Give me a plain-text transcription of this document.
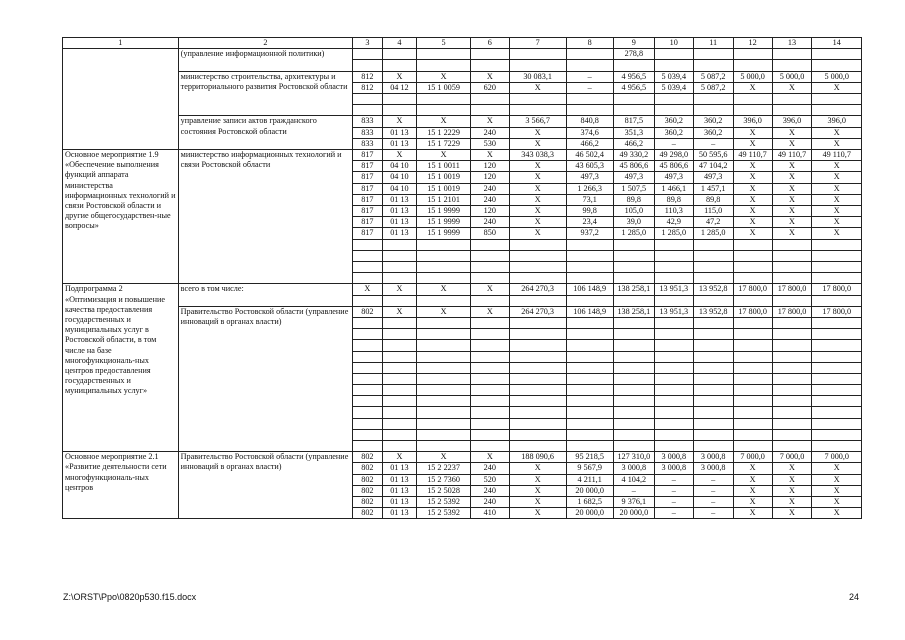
1	2	3	4	5	6	7	8	9	10	11	12	13	14
	(управление информационной политики)							278,8					

	министерство строительства, архитектуры и территориального развития Ростовской области	812	X	X	X	30 083,1	–	4 956,5	5 039,4	5 087,2	5 000,0	5 000,0	5 000,0
		812	04 12	15 1 0059	620	X	–	4 956,5	5 039,4	5 087,2	X	X	X

	управление записи актов гражданского состояния Ростовской области	833	X	X	X	3 566,7	840,8	817,5	360,2	360,2	396,0	396,0	396,0
		833	01 13	15 1 2229	240	X	374,6	351,3	360,2	360,2	X	X	X
		833	01 13	15 1 7229	530	X	466,2	466,2	–	–	X	X	X
Основное мероприятие 1.9 «Обеспечение выполнения функций аппарата министерства информационных технологий и связи Ростовской области и другие общегосударствен-ные вопросы»	министерство информационных технологий и связи Ростовской области	817	X	X	X	343 038,3	46 502,4	49 330,2	49 298,0	50 595,6	49 110,7	49 110,7	49 110,7
		817	04 10	15 1 0011	120	X	43 605,3	45 806,6	45 806,6	47 104,2	X	X	X
		817	04 10	15 1 0019	120	X	497,3	497,3	497,3	497,3	X	X	X
		817	04 10	15 1 0019	240	X	1 266,3	1 507,5	1 466,1	1 457,1	X	X	X
		817	01 13	15 1 2101	240	X	73,1	89,8	89,8	89,8	X	X	X
		817	01 13	15 1 9999	120	X	99,8	105,0	110,3	115,0	X	X	X
		817	01 13	15 1 9999	240	X	23,4	39,0	42,9	47,2	X	X	X
		817	01 13	15 1 9999	850	X	937,2	1 285,0	1 285,0	1 285,0	X	X	X

Подпрограмма 2 «Оптимизация и повышение качества предоставления государственных и муниципальных услуг в Ростовской области, в том числе на базе многофункциональ-ных центров предоставления государственных и муниципальных услуг»	всего в том числе:	X	X	X	X	264 270,3	106 148,9	138 258,1	13 951,3	13 952,8	17 800,0	17 800,0	17 800,0

	Правительство Ростовской области (управление инноваций в органах власти)	802	X	X	X	264 270,3	106 148,9	138 258,1	13 951,3	13 952,8	17 800,0	17 800,0	17 800,0

Основное мероприятие 2.1 «Развитие деятельности сети многофункциональ-ных центров	Правительство Ростовской области (управление инноваций в органах власти)	802	X	X	X	188 090,6	95 218,5	127 310,0	3 000,8	3 000,8	7 000,0	7 000,0	7 000,0
		802	01 13	15 2 2237	240	X	9 567,9	3 000,8	3 000,8	3 000,8	X	X	X
		802	01 13	15 2 7360	520	X	4 211,1	4 104,2	–	–	X	X	X
		802	01 13	15 2 5028	240	X	20 000,0	–	–	–	X	X	X
		802	01 13	15 2 5392	240	X	1 682,5	9 376,1	–	–	X	X	X
		802	01 13	15 2 5392	410	X	20 000,0	20 000,0	–	–	X	X	X
Z:\ORST\Ppo\0820p530.f15.docx	24
